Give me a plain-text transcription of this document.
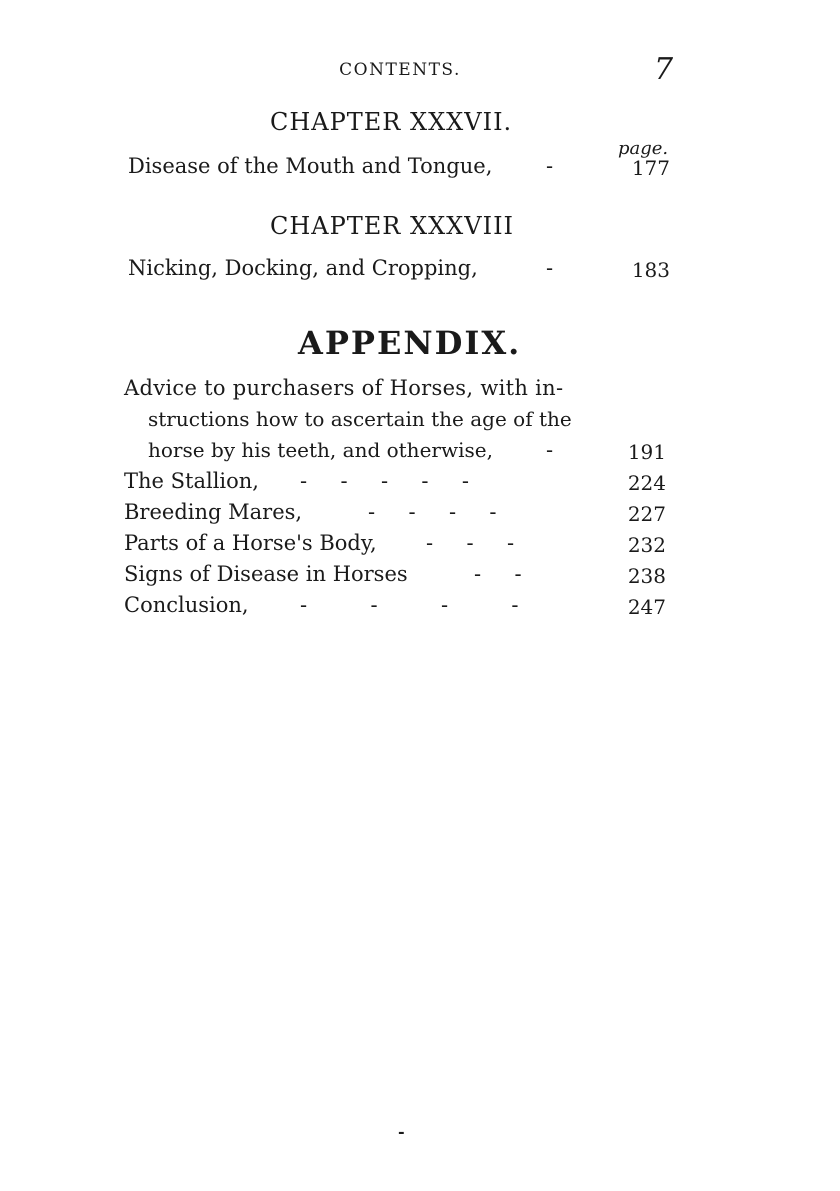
CONTENTS.	7
CHAPTER XXXVII.
page.
Disease of the Mouth and Tongue,	-	177
CHAPTER XXXVIII
Nicking, Docking, and Cropping,	-	183
APPENDIX.
Advice to purchasers of Horses, with in-
structions how to ascertain the age of the
horse by his teeth, and otherwise,	-	191
The Stallion, -     -     -     -     -	224
Breeding Mares,	-     -     -     -	227
Parts of a Horse's Body, -     -     -	232
Signs of Disease in Horses	-     -	238
Conclusion, -     -     -     -	247
-
